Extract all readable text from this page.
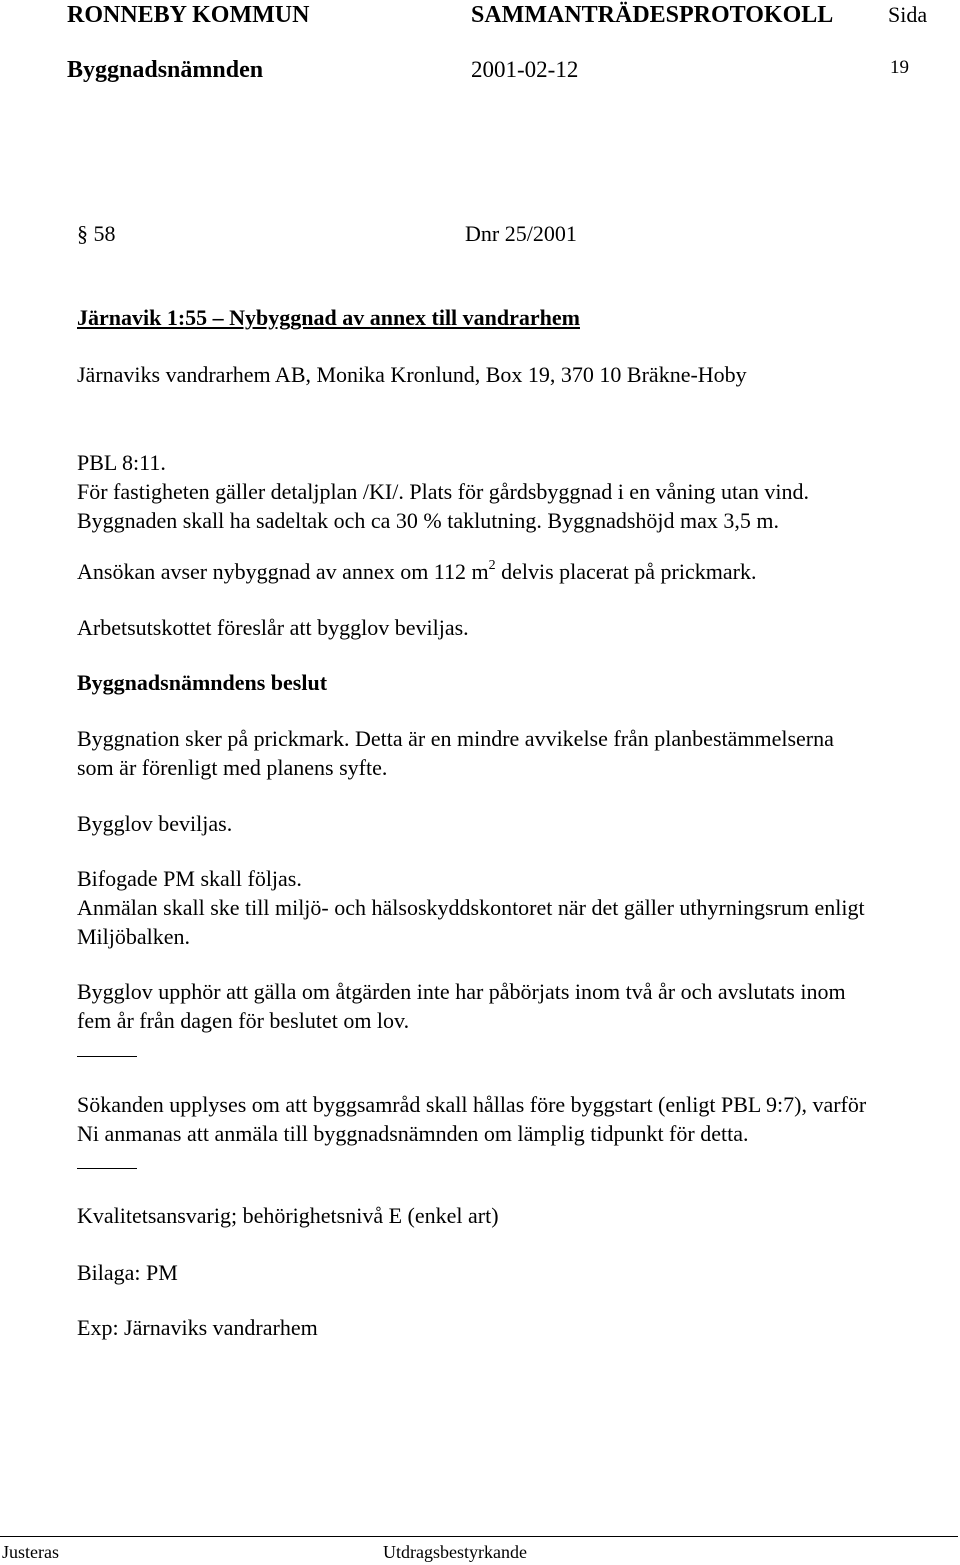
RONNEBY KOMMUN	SAMMANTRÄDESPROTOKOLL Sida
Byggnadsnämnden	2001-02-12	19
§ 58	Dnr 25/2001
Järnavik 1:55 – Nybyggnad av annex till vandrarhem
Järnaviks vandrarhem AB, Monika Kronlund, Box 19, 370 10 Bräkne-Hoby

PBL 8:11.

För fastigheten gäller detaljplan /KI/. Plats för gårdsbyggnad i en våning utan vind.

Byggnaden skall ha sadeltak och ca 30 % taklutning. Byggnadshöjd max 3,5 m.

Ansökan avser nybyggnad av annex om 112 $m^2$ delvis placerat på prickmark.
Arbetsutskottet föreslår att bygglov beviljas.
Byggnadsnämndens beslut

Byggnation sker på prickmark. Detta är en mindre avvikelse från planbestämmelserna

som är förenligt med planens syfte.

Bygglov beviljas.

Bifogade PM skall följas.

Anmälan skall ske till miljö- och hälsoskyddskontoret när det gäller uthyrningsrum enligt

Miljöbalken.

Bygglov upphör att gälla om åtgärden inte har påbörjats inom två år och avslutats inom

fem år från dagen för beslutet om lov.

Sökanden upplyses om att byggsamråd skall hållas före byggstart (enligt PBL 9:7), varför

Ni anmanas att anmäla till byggnadsnämnden om lämplig tidpunkt för detta.

Kvalitetsansvarig; behörighetsnivå E (enkel art)
Bilaga: PM
Exp: Järnaviks vandrarhem
Justeras	Utdragsbestyrkande
